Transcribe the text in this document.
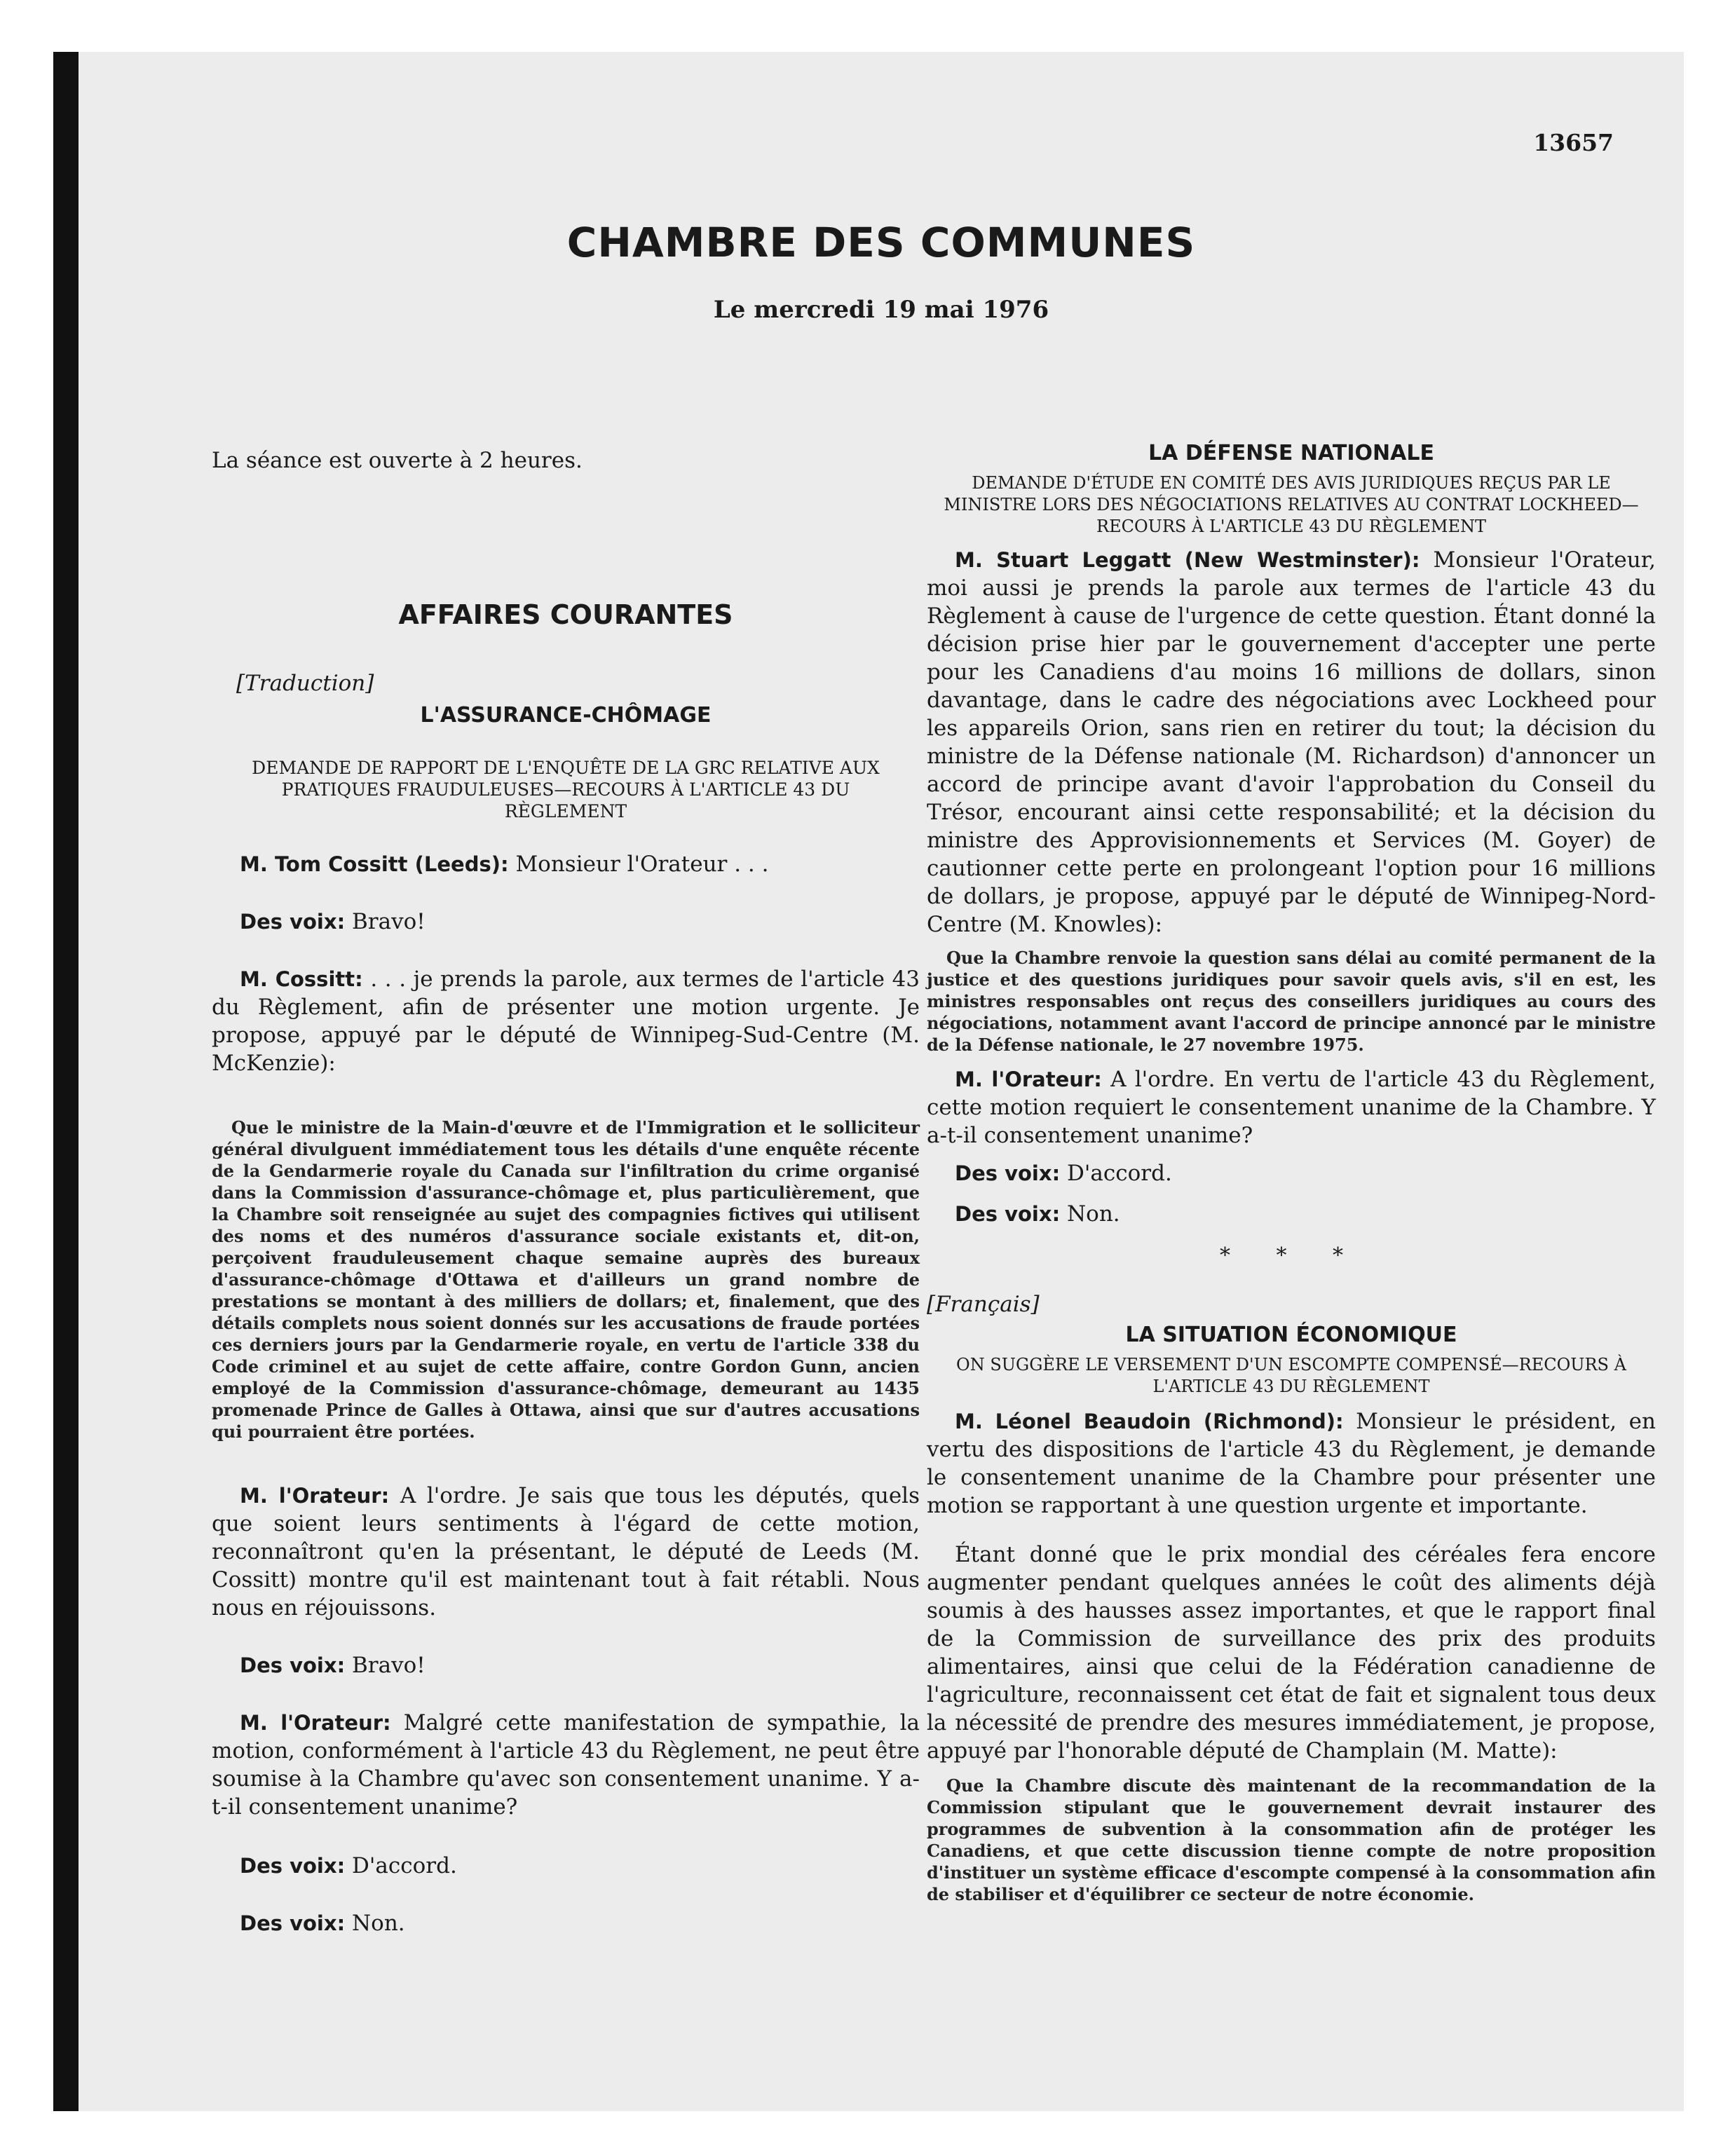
13657
CHAMBRE DES COMMUNES
Le mercredi 19 mai 1976

La séance est ouverte à 2 heures.

AFFAIRES COURANTES

[Traduction]

L'ASSURANCE-CHÔMAGE
DEMANDE DE RAPPORT DE L'ENQUÊTE DE LA GRC RELATIVE AUX PRATIQUES FRAUDULEUSES—RECOURS À L'ARTICLE 43 DU RÈGLEMENT

M. Tom Cossitt (Leeds): Monsieur l'Orateur . . .

Des voix: Bravo!

M. Cossitt: . . . je prends la parole, aux termes de l'article 43 du Règlement, afin de présenter une motion urgente. Je propose, appuyé par le député de Winnipeg-Sud-Centre (M. McKenzie):

Que le ministre de la Main-d'œuvre et de l'Immigration et le solliciteur général divulguent immédiatement tous les détails d'une enquête récente de la Gendarmerie royale du Canada sur l'infiltration du crime organisé dans la Commission d'assurance-chômage et, plus particulièrement, que la Chambre soit renseignée au sujet des compagnies fictives qui utilisent des noms et des numéros d'assurance sociale existants et, dit-on, perçoivent frauduleusement chaque semaine auprès des bureaux d'assurance-chômage d'Ottawa et d'ailleurs un grand nombre de prestations se montant à des milliers de dollars; et, finalement, que des détails complets nous soient donnés sur les accusations de fraude portées ces derniers jours par la Gendarmerie royale, en vertu de l'article 338 du Code criminel et au sujet de cette affaire, contre Gordon Gunn, ancien employé de la Commission d'assurance-chômage, demeurant au 1435 promenade Prince de Galles à Ottawa, ainsi que sur d'autres accusations qui pourraient être portées.

M. l'Orateur: A l'ordre. Je sais que tous les députés, quels que soient leurs sentiments à l'égard de cette motion, reconnaîtront qu'en la présentant, le député de Leeds (M. Cossitt) montre qu'il est maintenant tout à fait rétabli. Nous nous en réjouissons.

Des voix: Bravo!

M. l'Orateur: Malgré cette manifestation de sympathie, la motion, conformément à l'article 43 du Règlement, ne peut être soumise à la Chambre qu'avec son consentement unanime. Y a-t-il consentement unanime?

Des voix: D'accord.

Des voix: Non.

LA DÉFENSE NATIONALE
DEMANDE D'ÉTUDE EN COMITÉ DES AVIS JURIDIQUES REÇUS PAR LE MINISTRE LORS DES NÉGOCIATIONS RELATIVES AU CONTRAT LOCKHEED—RECOURS À L'ARTICLE 43 DU RÈGLEMENT

M. Stuart Leggatt (New Westminster): Monsieur l'Orateur, moi aussi je prends la parole aux termes de l'article 43 du Règlement à cause de l'urgence de cette question. Étant donné la décision prise hier par le gouvernement d'accepter une perte pour les Canadiens d'au moins 16 millions de dollars, sinon davantage, dans le cadre des négociations avec Lockheed pour les appareils Orion, sans rien en retirer du tout; la décision du ministre de la Défense nationale (M. Richardson) d'annoncer un accord de principe avant d'avoir l'approbation du Conseil du Trésor, encourant ainsi cette responsabilité; et la décision du ministre des Approvisionnements et Services (M. Goyer) de cautionner cette perte en prolongeant l'option pour 16 millions de dollars, je propose, appuyé par le député de Winnipeg-Nord-Centre (M. Knowles):

Que la Chambre renvoie la question sans délai au comité permanent de la justice et des questions juridiques pour savoir quels avis, s'il en est, les ministres responsables ont reçus des conseillers juridiques au cours des négociations, notamment avant l'accord de principe annoncé par le ministre de la Défense nationale, le 27 novembre 1975.

M. l'Orateur: A l'ordre. En vertu de l'article 43 du Règlement, cette motion requiert le consentement unanime de la Chambre. Y a-t-il consentement unanime?

Des voix: D'accord.

Des voix: Non.

* * *

[Français]

LA SITUATION ÉCONOMIQUE
ON SUGGÈRE LE VERSEMENT D'UN ESCOMPTE COMPENSÉ—RECOURS À L'ARTICLE 43 DU RÈGLEMENT

M. Léonel Beaudoin (Richmond): Monsieur le président, en vertu des dispositions de l'article 43 du Règlement, je demande le consentement unanime de la Chambre pour présenter une motion se rapportant à une question urgente et importante.

Étant donné que le prix mondial des céréales fera encore augmenter pendant quelques années le coût des aliments déjà soumis à des hausses assez importantes, et que le rapport final de la Commission de surveillance des prix des produits alimentaires, ainsi que celui de la Fédération canadienne de l'agriculture, reconnaissent cet état de fait et signalent tous deux la nécessité de prendre des mesures immédiatement, je propose, appuyé par l'honorable député de Champlain (M. Matte):

Que la Chambre discute dès maintenant de la recommandation de la Commission stipulant que le gouvernement devrait instaurer des programmes de subvention à la consommation afin de protéger les Canadiens, et que cette discussion tienne compte de notre proposition d'instituer un système efficace d'escompte compensé à la consommation afin de stabiliser et d'équilibrer ce secteur de notre économie.
